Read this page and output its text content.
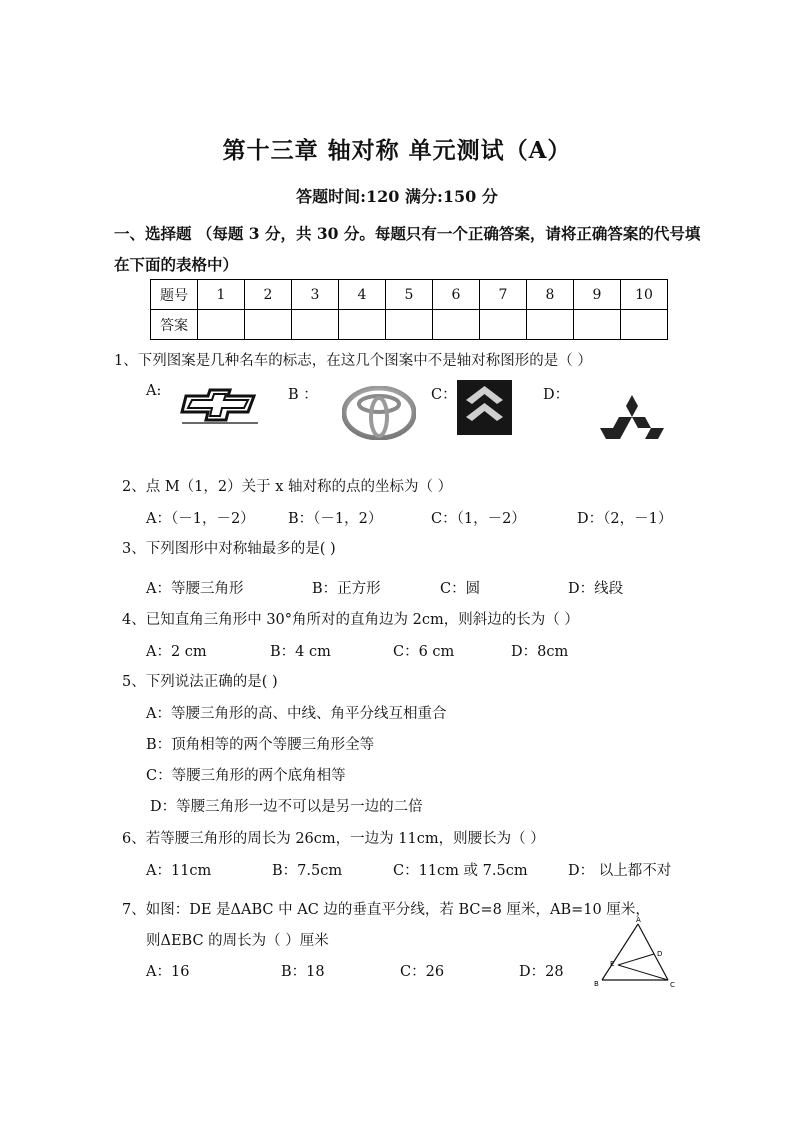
第十三章 轴对称 单元测试（A）
答题时间:120 满分:150 分
一、选择题 （每题 3 分，共 30 分。每题只有一个正确答案，请将正确答案的代号填
在下面的表格中）
题号	1	2	3	4	5	6	7	8	9	10
答案										
1、下列图案是几种名车的标志，在这几个图案中不是轴对称图形的是（ ）
A:	B ：	C：	D：
2、点 M（1，2）关于 x 轴对称的点的坐标为（ ）
A：（－1，－2） B：（－1，2）	C：（1，－2）	D：（2，－1）
3、下列图形中对称轴最多的是( )
A：等腰三角形	B：正方形	C：圆	D：线段
4、已知直角三角形中 30°角所对的直角边为 2cm，则斜边的长为（ ）
A：2 cm	B：4 cm	C：6 cm	D：8cm
5、下列说法正确的是( )
A：等腰三角形的高、中线、角平分线互相重合
B：顶角相等的两个等腰三角形全等
C：等腰三角形的两个底角相等
D：等腰三角形一边不可以是另一边的二倍
6、若等腰三角形的周长为 26cm，一边为 11cm，则腰长为（ ）
A：11cm	B：7.5cm	C：11cm 或 7.5cm	D： 以上都不对
7、如图：DE 是ΔABC 中 AC 边的垂直平分线，若 BC=8 厘米，AB=10 厘米，
则ΔEBC 的周长为（ ）厘米
A：16	B：18	C：26	D：28
A
D
E
B	C
